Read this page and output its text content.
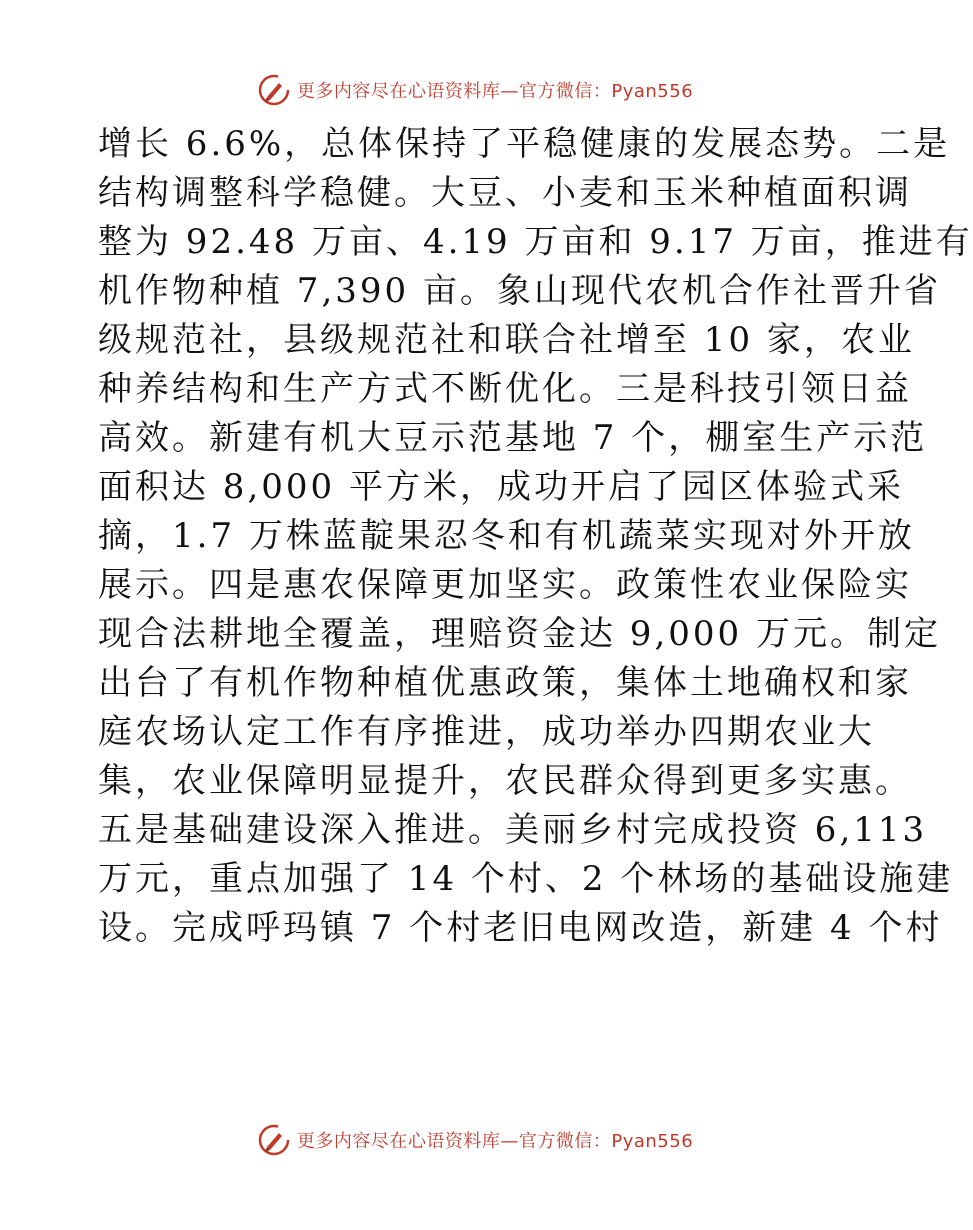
更多内容尽在心语资料库—官方微信：Pyan556
增长 6.6%，总体保持了平稳健康的发展态势。二是
结构调整科学稳健。大豆、小麦和玉米种植面积调
整为 92.48 万亩、4.19 万亩和 9.17 万亩，推进有
机作物种植 7,390 亩。象山现代农机合作社晋升省
级规范社，县级规范社和联合社增至 10 家，农业
种养结构和生产方式不断优化。三是科技引领日益
高效。新建有机大豆示范基地 7 个，棚室生产示范
面积达 8,000 平方米，成功开启了园区体验式采
摘，1.7 万株蓝靛果忍冬和有机蔬菜实现对外开放
展示。四是惠农保障更加坚实。政策性农业保险实
现合法耕地全覆盖，理赔资金达 9,000 万元。制定
出台了有机作物种植优惠政策，集体土地确权和家
庭农场认定工作有序推进，成功举办四期农业大
集，农业保障明显提升，农民群众得到更多实惠。
五是基础建设深入推进。美丽乡村完成投资 6,113
万元，重点加强了 14 个村、2 个林场的基础设施建
设。完成呼玛镇 7 个村老旧电网改造，新建 4 个村
更多内容尽在心语资料库—官方微信：Pyan556
